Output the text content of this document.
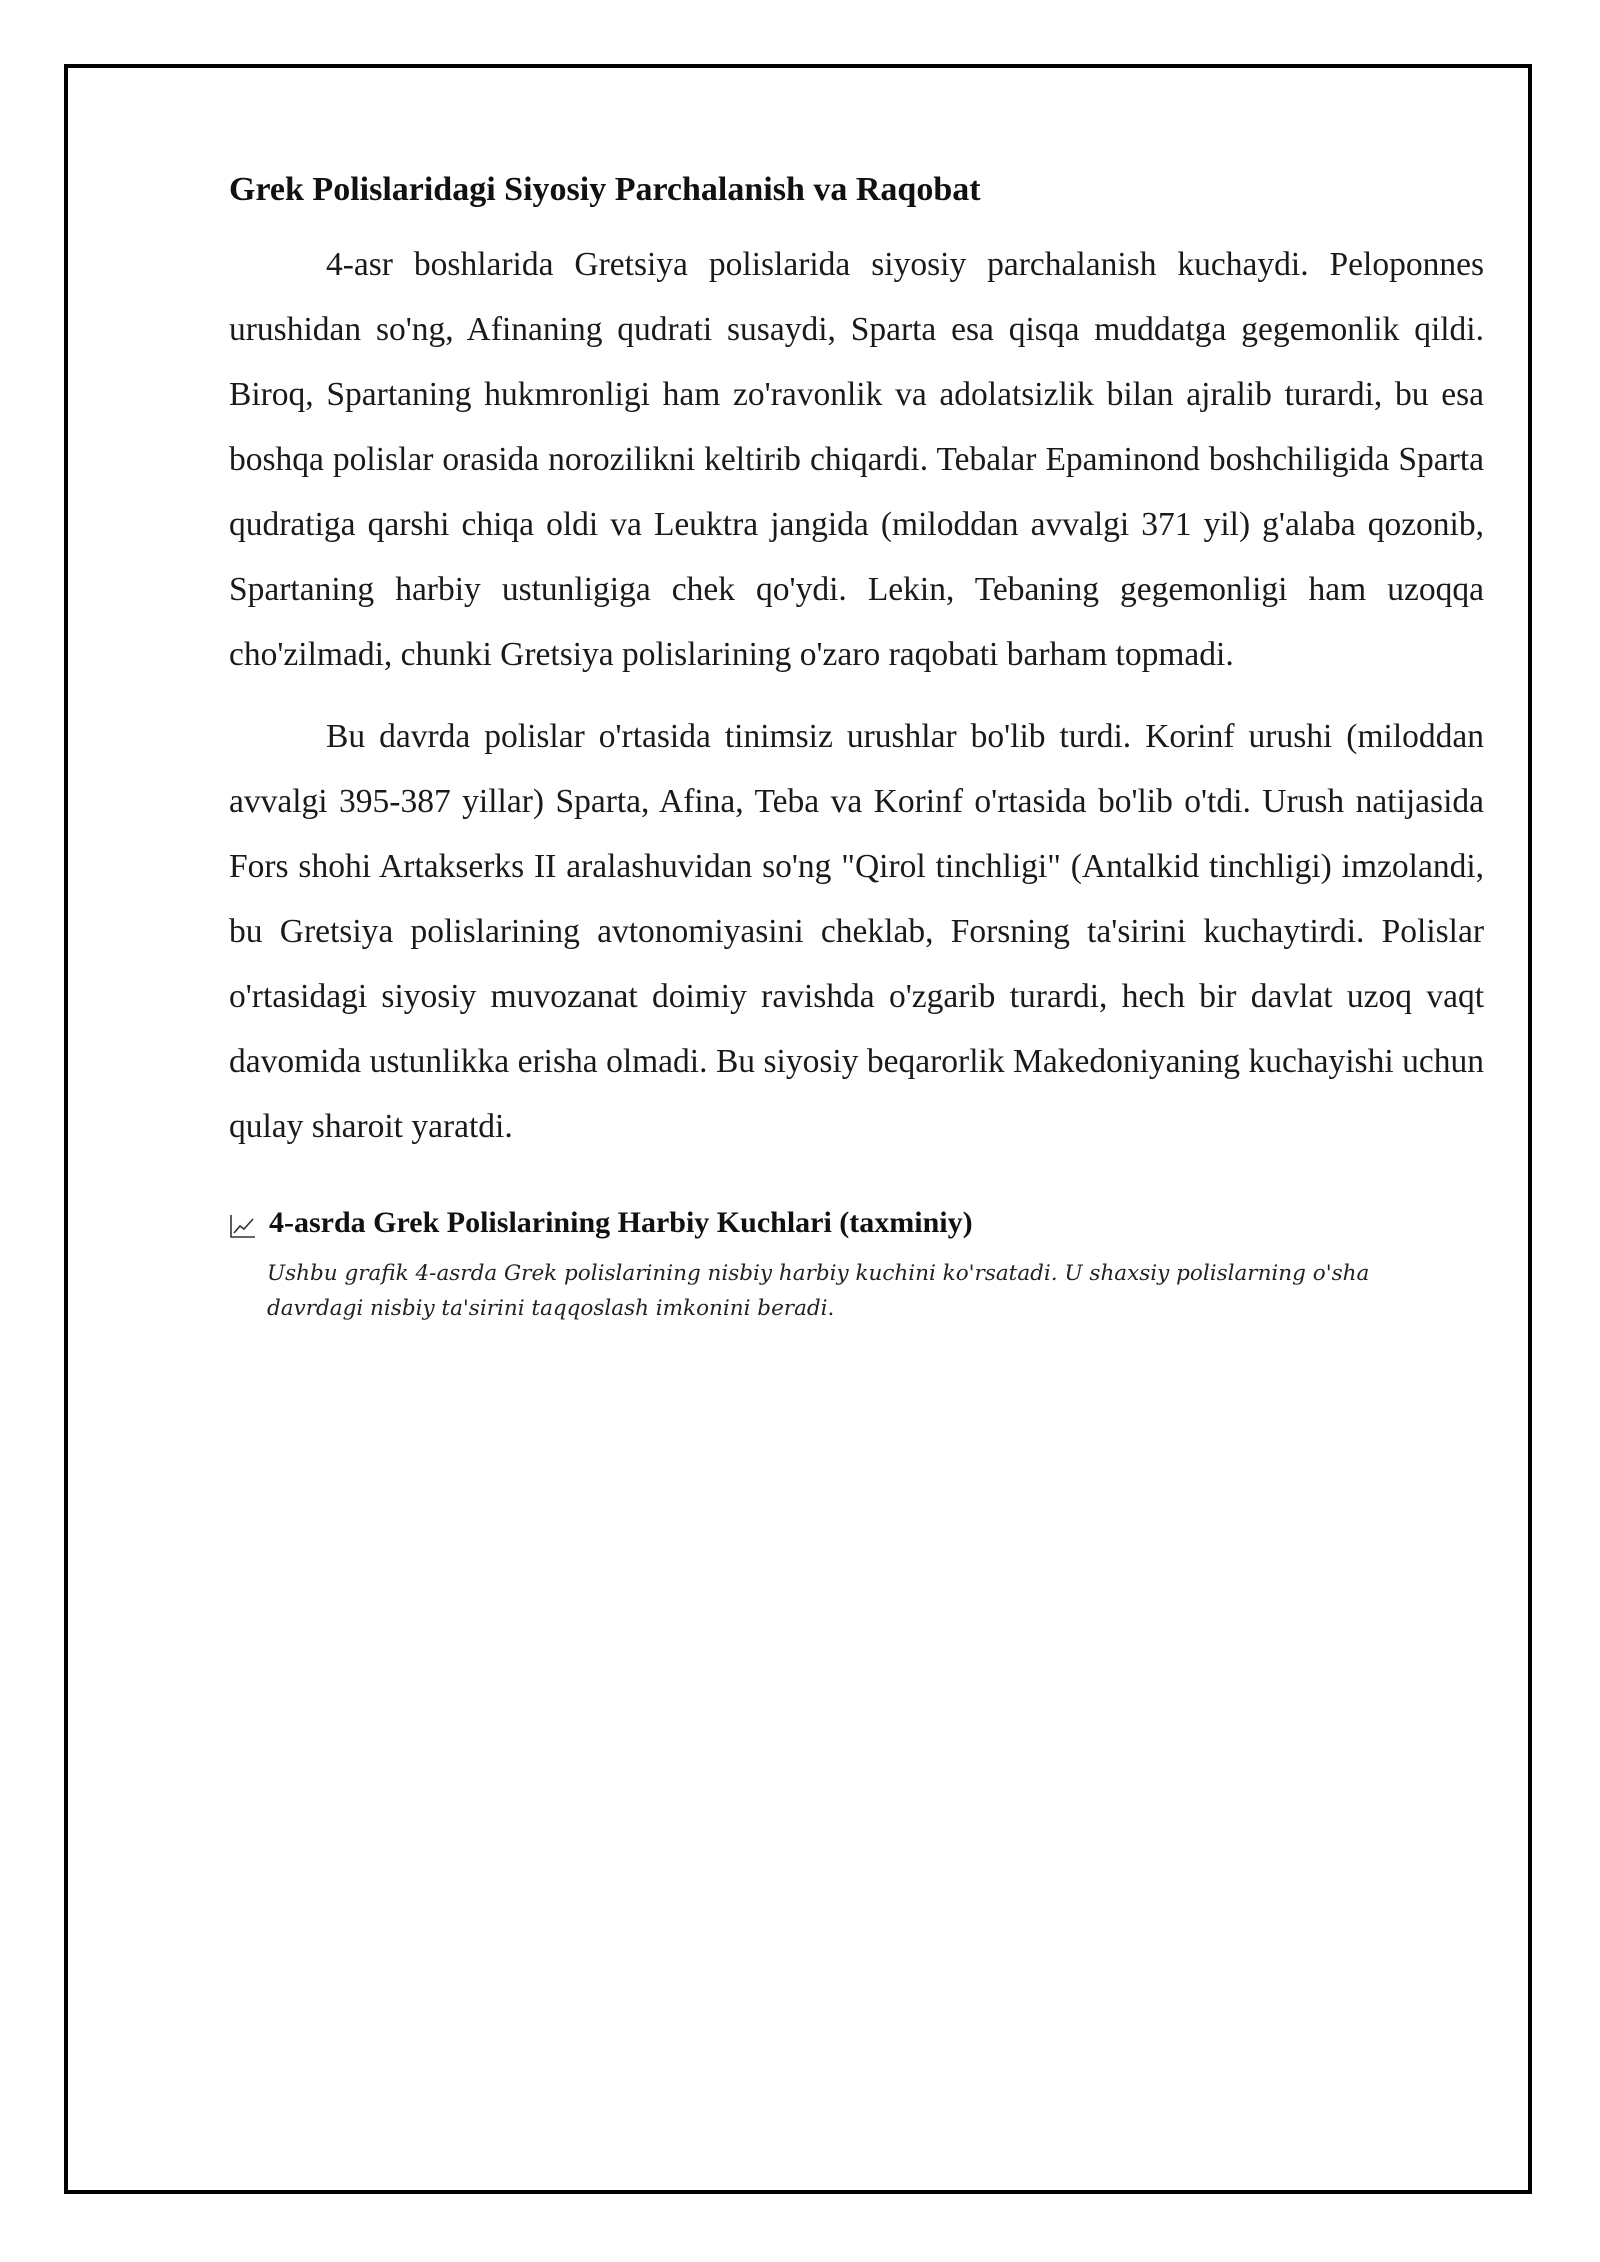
Grek Polislaridagi Siyosiy Parchalanish va Raqobat

4-asr boshlarida Gretsiya polislarida siyosiy parchalanish kuchaydi. Peloponnes urushidan so'ng, Afinaning qudrati susaydi, Sparta esa qisqa muddatga gegemonlik qildi. Biroq, Spartaning hukmronligi ham zo'ravonlik va adolatsizlik bilan ajralib turardi, bu esa boshqa polislar orasida norozilikni keltirib chiqardi. Tebalar Epaminond boshchiligida Sparta qudratiga qarshi chiqa oldi va Leuktra jangida (miloddan avvalgi 371 yil) g'alaba qozonib, Spartaning harbiy ustunligiga chek qo'ydi. Lekin, Tebaning gegemonligi ham uzoqqa cho'zilmadi, chunki Gretsiya polislarining o'zaro raqobati barham topmadi.

Bu davrda polislar o'rtasida tinimsiz urushlar bo'lib turdi. Korinf urushi (miloddan avvalgi 395-387 yillar) Sparta, Afina, Teba va Korinf o'rtasida bo'lib o'tdi. Urush natijasida Fors shohi Artakserks II aralashuvidan so'ng "Qirol tinchligi" (Antalkid tinchligi) imzolandi, bu Gretsiya polislarining avtonomiyasini cheklab, Forsning ta'sirini kuchaytirdi. Polislar o'rtasidagi siyosiy muvozanat doimiy ravishda o'zgarib turardi, hech bir davlat uzoq vaqt davomida ustunlikka erisha olmadi. Bu siyosiy beqarorlik Makedoniyaning kuchayishi uchun qulay sharoit yaratdi.

4-asrda Grek Polislarining Harbiy Kuchlari (taxminiy)
Ushbu grafik 4-asrda Grek polislarining nisbiy harbiy kuchini ko'rsatadi. U shaxsiy polislarning o'sha davrdagi nisbiy ta'sirini taqqoslash imkonini beradi.
